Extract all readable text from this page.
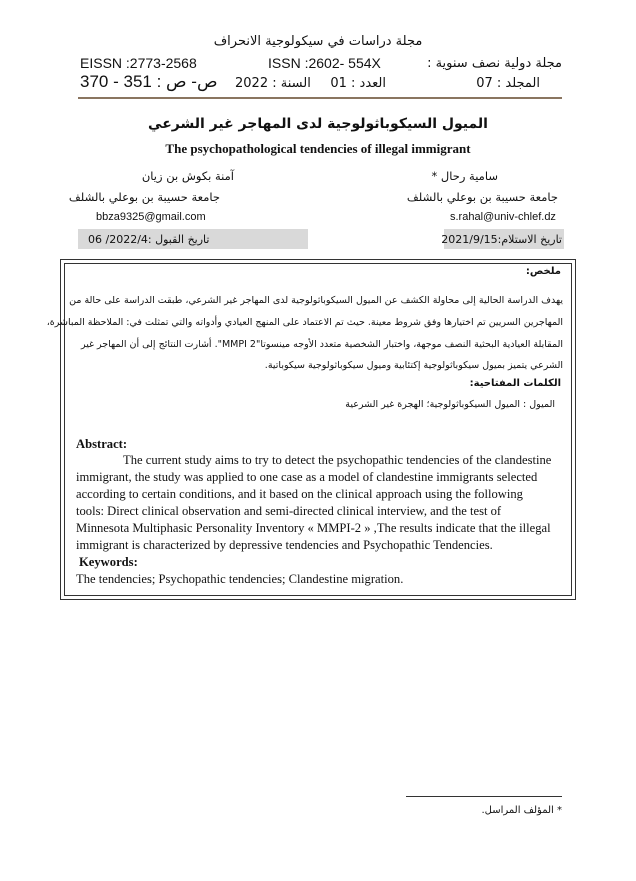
مجلة دراسات في سيكولوجية الانحراف
مجلة دولية نصف سنوية :
ISSN :2602- 554X
EISSN :2773-2568
المجلد : 07
العدد : 01
السنة : 2022
ص- ص : 351 - 370
الميول السيكوباثولوجية لدى المهاجر غير الشرعي
The psychopathological tendencies of illegal immigrant
سامية رحال *
جامعة حسيبة بن بوعلي بالشلف
s.rahal@univ-chlef.dz
آمنة بكوش بن زيان
جامعة حسيبة بن بوعلي بالشلف
bbza9325@gmail.com
تاريخ الاستلام:2021/9/15
تاريخ القبول :2022/4/ 06
ملخص:
يهدف الدراسة الحالية إلى محاولة الكشف عن الميول السيكوباثولوجية لدى المهاجر غير الشرعي، طبقت الدراسة على حالة من
المهاجرين السريين تم اختيارها وفق شروط معينة. حيث تم الاعتماد على المنهج العيادي وأدواته والتي تمثلت في: الملاحظة المباشرة،
المقابلة العيادية البحثية النصف موجهة، واختبار الشخصية متعدد الأوجه مينسوتا"MMPI 2". أشارت النتائج إلى أن المهاجر غير
الشرعي يتميز بميول سيكوباثولوجية إكتئابية وميول سيكوباثولوجية سيكوباتية.
الكلمات المفتاحية:
الميول : الميول السيكوباثولوجية؛ الهجرة غير الشرعية
Abstract:
The current study aims to try to detect the psychopathic tendencies of the clandestine
immigrant, the study was applied to one case as a model of clandestine immigrants selected
according to certain conditions, and it based on the clinical approach using the following
tools: Direct clinical observation and semi-directed clinical interview, and the test of
Minnesota Multiphasic Personality Inventory « MMPI-2 » ,The results indicate that the illegal
immigrant is characterized by depressive tendencies and Psychopathic Tendencies.
Keywords:
The tendencies; Psychopathic tendencies; Clandestine migration.
* المؤلف المراسل.
